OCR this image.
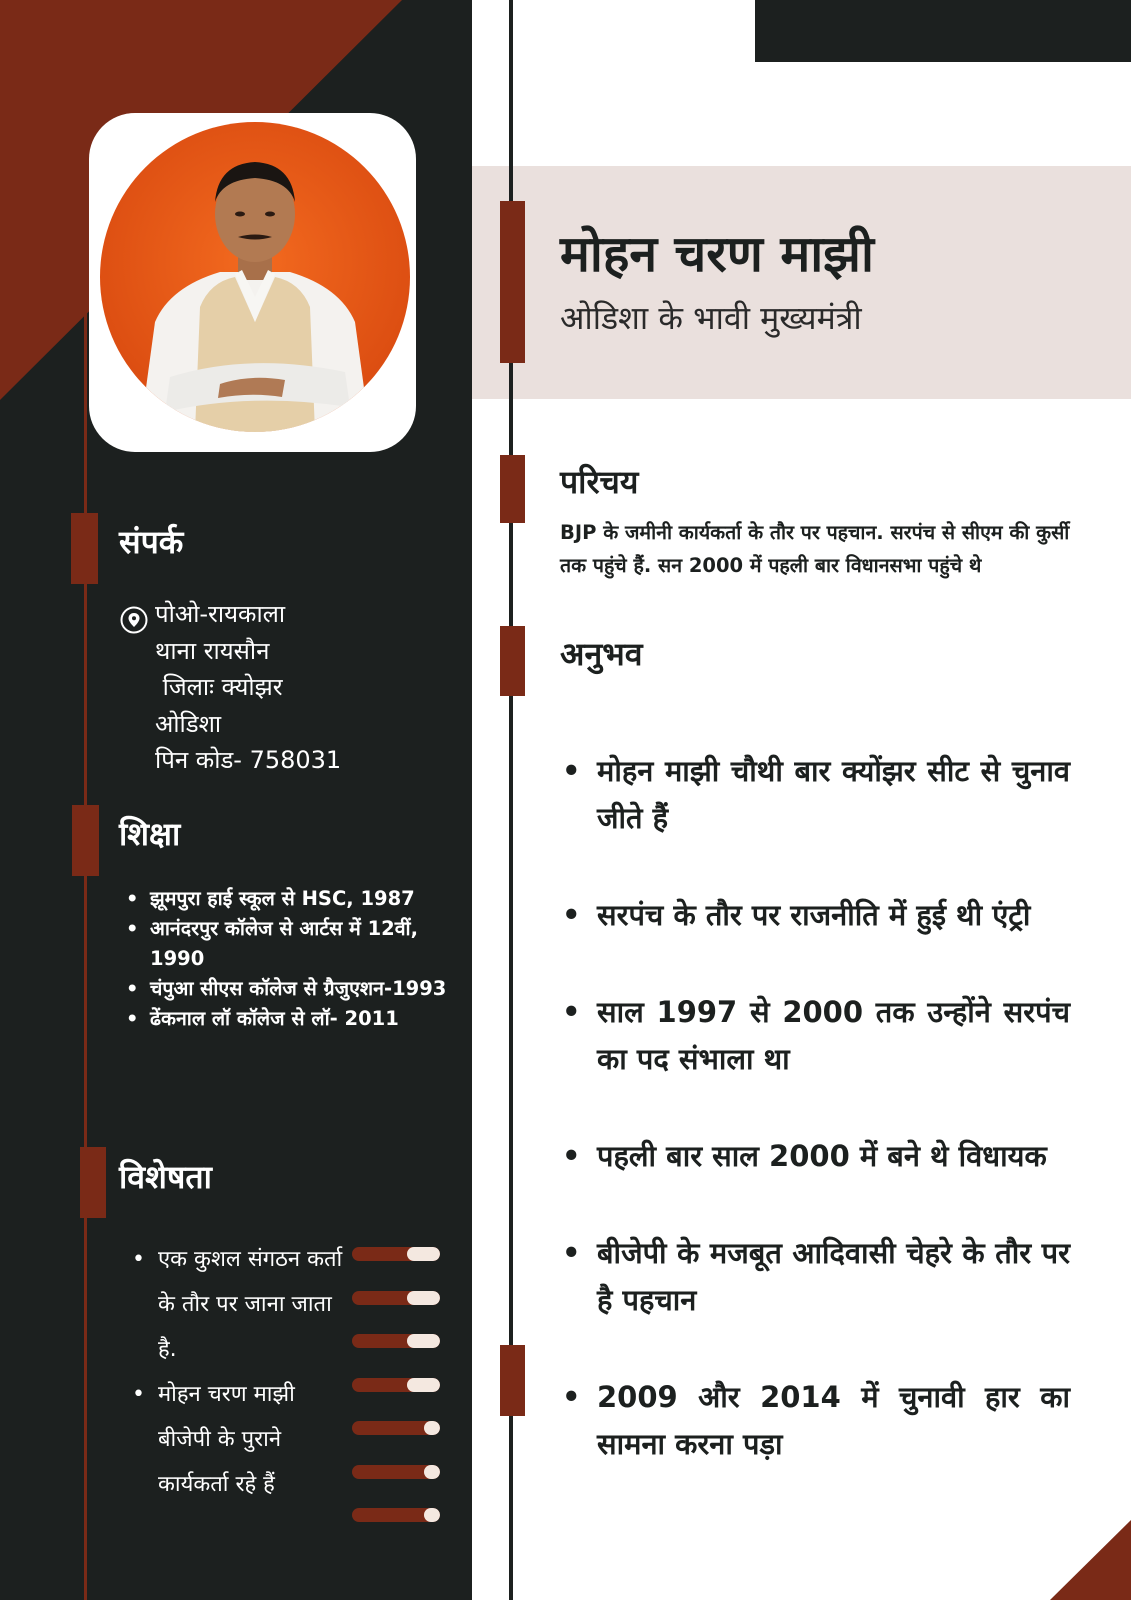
संपर्क
पोओ-रायकाला
थाना रायसौन
जिलाः क्योझर
ओडिशा
पिन कोड- 758031
शिक्षा
• झूमपुरा हाई स्कूल से HSC, 1987
• आनंदरपुर कॉलेज से आर्टस में 12वीं, 1990
• चंपुआ सीएस कॉलेज से ग्रैजुएशन-1993
• ढेंकनाल लॉ कॉलेज से लॉ- 2011
विशेषता
• एक कुशल संगठन कर्ता के तौर पर जाना जाता है.
• मोहन चरण माझी बीजेपी के पुराने कार्यकर्ता रहे हैं
मोहन चरण माझी
ओडिशा के भावी मुख्यमंत्री
परिचय
BJP के जमीनी कार्यकर्ता के तौर पर पहचान. सरपंच से सीएम की कुर्सी तक पहुंचे हैं. सन 2000 में पहली बार विधानसभा पहुंचे थे
अनुभव
• मोहन माझी चौथी बार क्योंझर सीट से चुनाव जीते हैं
• सरपंच के तौर पर राजनीति में हुई थी एंट्री
• साल 1997 से 2000 तक उन्होंने सरपंच का पद संभाला था
• पहली बार साल 2000 में बने थे विधायक
• बीजेपी के मजबूत आदिवासी चेहरे के तौर पर है पहचान
• 2009 और 2014 में चुनावी हार का सामना करना पड़ा
